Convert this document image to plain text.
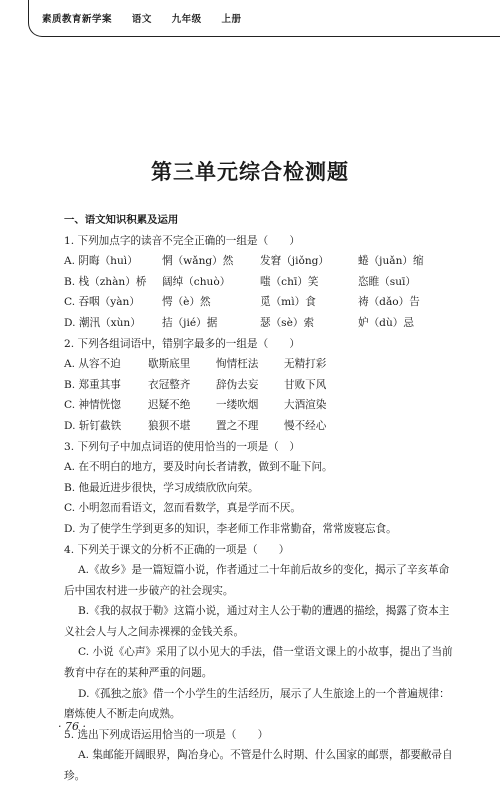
素质教育新学案 语文 九年级 上册
第三单元综合检测题
一、语文知识积累及运用
1. 下列加点字的读音不完全正确的一组是（　　）
A. 阴晦（huì）	惘（wǎng）然	发窘（jiǒng）	蜷（juǎn）缩
B. 栈（zhàn）桥	阔绰（chuò）	嗤（chī）笑	恣睢（suī）
C. 吞咽（yàn）	愕（è）然	觅（mì）食	祷（dǎo）告
D. 潮汛（xùn）	拮（jié）据	瑟（sè）索	妒（dù）忌
2. 下列各组词语中，错别字最多的一组是（　　）
A. 从容不迫	歇斯底里	恂情枉法	无精打彩
B. 郑重其事	衣冠整齐	辞伪去妄	甘败下风
C. 神情恍惚	迟疑不绝	一缕吹烟	大酒渲染
D. 斩钉截铁	狼狈不堪	置之不理	慢不经心
3. 下列句子中加点词语的使用恰当的一项是（　）
A. 在不明白的地方，要及时向长者请教，做到不耻下问。
B. 他最近进步很快，学习成绩欣欣向荣。
C. 小明忽而看语文，忽而看数学，真是学而不厌。
D. 为了使学生学到更多的知识，李老师工作非常勤奋，常常废寝忘食。
4. 下列关于课文的分析不正确的一项是（　　）
A.《故乡》是一篇短篇小说，作者通过二十年前后故乡的变化，揭示了辛亥革命后中国农村进一步破产的社会现实。
B.《我的叔叔于勒》这篇小说，通过对主人公于勒的遭遇的描绘，揭露了资本主义社会人与人之间赤裸裸的金钱关系。
C. 小说《心声》采用了以小见大的手法，借一堂语文课上的小故事，提出了当前教育中存在的某种严重的问题。
D.《孤独之旅》借一个小学生的生活经历，展示了人生旅途上的一个普遍规律：磨炼使人不断走向成熟。
5. 选出下列成语运用恰当的一项是（　　）
A. 集邮能开阔眼界，陶冶身心。不管是什么时期、什么国家的邮票，都要敝帚自珍。
· 76 ·
